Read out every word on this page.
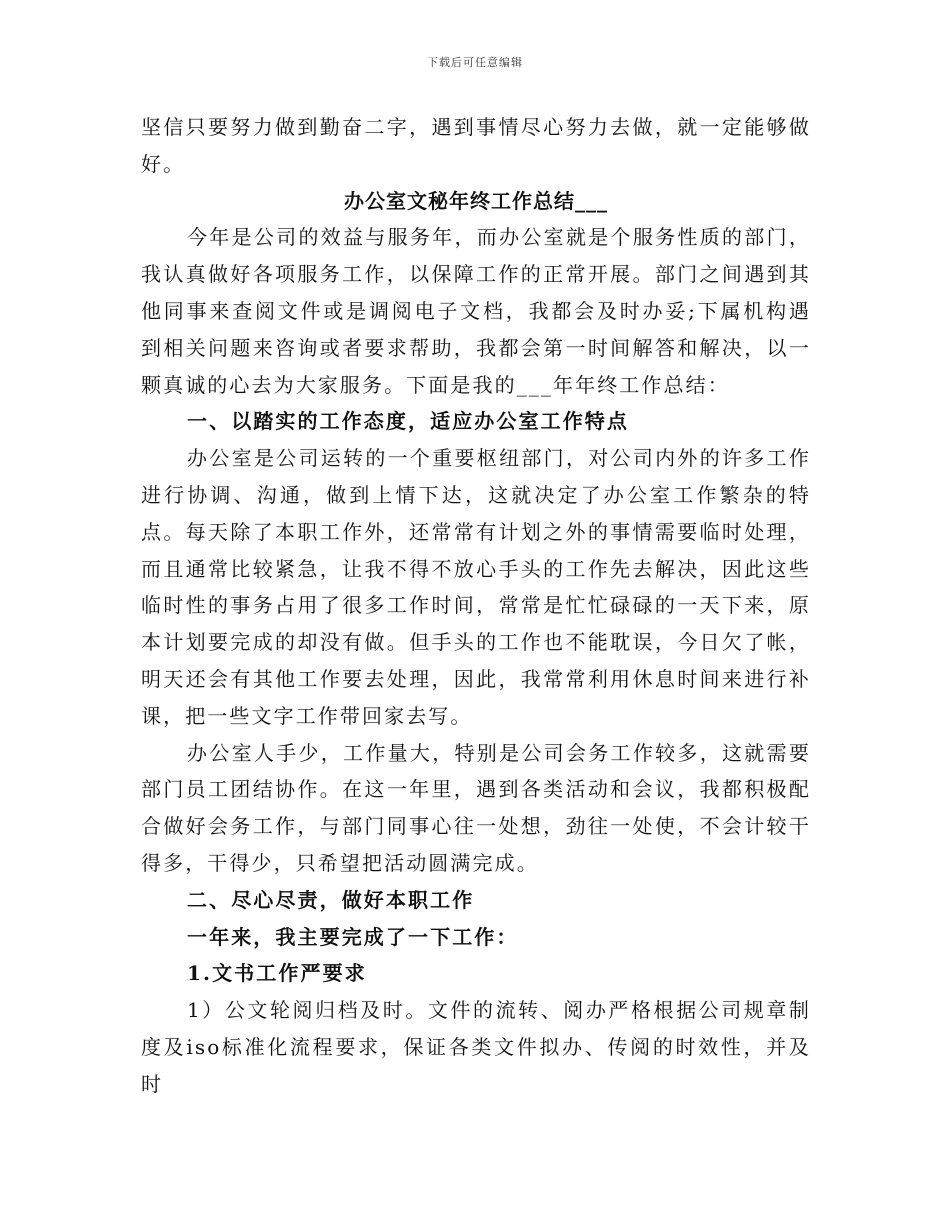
下载后可任意编辑

坚信只要努力做到勤奋二字，遇到事情尽心努力去做，就一定能够做好。

办公室文秘年终工作总结___

今年是公司的效益与服务年，而办公室就是个服务性质的部门，我认真做好各项服务工作，以保障工作的正常开展。部门之间遇到其他同事来查阅文件或是调阅电子文档，我都会及时办妥;下属机构遇到相关问题来咨询或者要求帮助，我都会第一时间解答和解决，以一颗真诚的心去为大家服务。下面是我的___年年终工作总结：

一、以踏实的工作态度，适应办公室工作特点

办公室是公司运转的一个重要枢纽部门，对公司内外的许多工作进行协调、沟通，做到上情下达，这就决定了办公室工作繁杂的特点。每天除了本职工作外，还常常有计划之外的事情需要临时处理，而且通常比较紧急，让我不得不放心手头的工作先去解决，因此这些临时性的事务占用了很多工作时间，常常是忙忙碌碌的一天下来，原本计划要完成的却没有做。但手头的工作也不能耽误，今日欠了帐，明天还会有其他工作要去处理，因此，我常常利用休息时间来进行补课，把一些文字工作带回家去写。

办公室人手少，工作量大，特别是公司会务工作较多，这就需要部门员工团结协作。在这一年里，遇到各类活动和会议，我都积极配合做好会务工作，与部门同事心往一处想，劲往一处使，不会计较干得多，干得少，只希望把活动圆满完成。

二、尽心尽责，做好本职工作

一年来，我主要完成了一下工作：

1.文书工作严要求

1）公文轮阅归档及时。文件的流转、阅办严格根据公司规章制度及iso标准化流程要求，保证各类文件拟办、传阅的时效性，并及时
